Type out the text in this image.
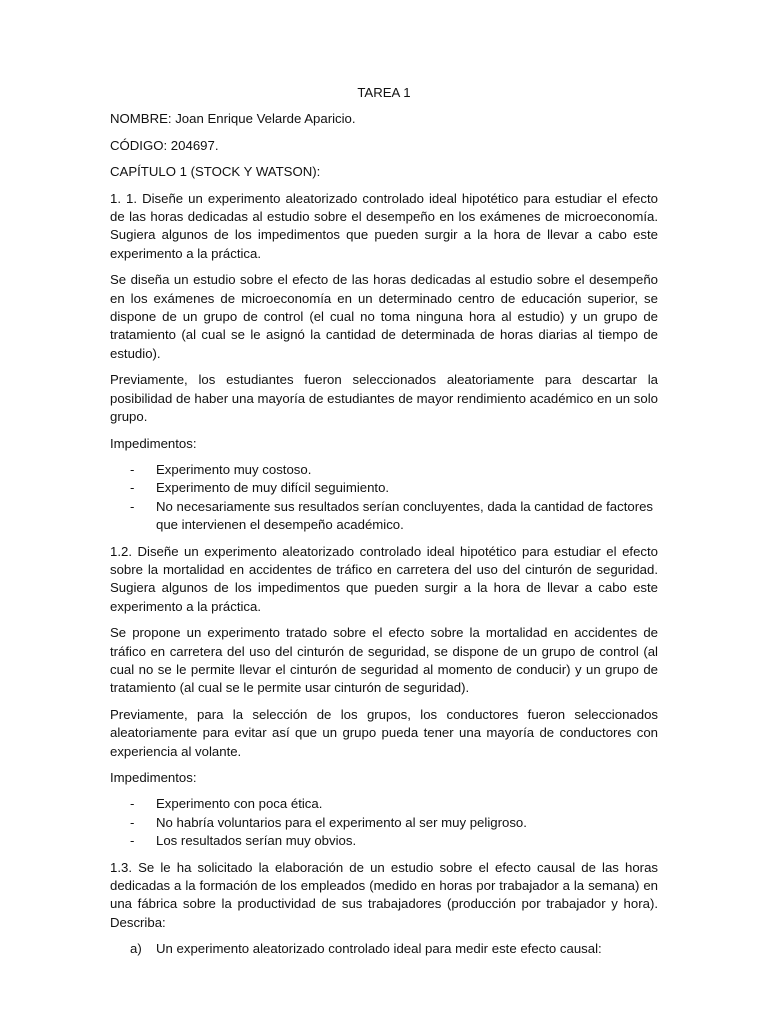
TAREA 1

NOMBRE: Joan Enrique Velarde Aparicio.

CÓDIGO: 204697.

CAPÍTULO 1 (STOCK Y WATSON):

1. 1. Diseñe un experimento aleatorizado controlado ideal hipotético para estudiar el efecto de las horas dedicadas al estudio sobre el desempeño en los exámenes de microeconomía. Sugiera algunos de los impedimentos que pueden surgir a la hora de llevar a cabo este experimento a la práctica.

Se diseña un estudio sobre el efecto de las horas dedicadas al estudio sobre el desempeño en los exámenes de microeconomía en un determinado centro de educación superior, se dispone de un grupo de control (el cual no toma ninguna hora al estudio) y un grupo de tratamiento (al cual se le asignó la cantidad de determinada de horas diarias al tiempo de estudio).

Previamente, los estudiantes fueron seleccionados aleatoriamente para descartar la posibilidad de haber una mayoría de estudiantes de mayor rendimiento académico en un solo grupo.

Impedimentos:

- Experimento muy costoso.
- Experimento de muy difícil seguimiento.
- No necesariamente sus resultados serían concluyentes, dada la cantidad de factores que intervienen el desempeño académico.

1.2. Diseñe un experimento aleatorizado controlado ideal hipotético para estudiar el efecto sobre la mortalidad en accidentes de tráfico en carretera del uso del cinturón de seguridad. Sugiera algunos de los impedimentos que pueden surgir a la hora de llevar a cabo este experimento a la práctica.

Se propone un experimento tratado sobre el efecto sobre la mortalidad en accidentes de tráfico en carretera del uso del cinturón de seguridad, se dispone de un grupo de control (al cual no se le permite llevar el cinturón de seguridad al momento de conducir) y un grupo de tratamiento (al cual se le permite usar cinturón de seguridad).

Previamente, para la selección de los grupos, los conductores fueron seleccionados aleatoriamente para evitar así que un grupo pueda tener una mayoría de conductores con experiencia al volante.

Impedimentos:

- Experimento con poca ética.
- No habría voluntarios para el experimento al ser muy peligroso.
- Los resultados serían muy obvios.

1.3. Se le ha solicitado la elaboración de un estudio sobre el efecto causal de las horas dedicadas a la formación de los empleados (medido en horas por trabajador a la semana) en una fábrica sobre la productividad de sus trabajadores (producción por trabajador y hora). Describa:

a) Un experimento aleatorizado controlado ideal para medir este efecto causal:
